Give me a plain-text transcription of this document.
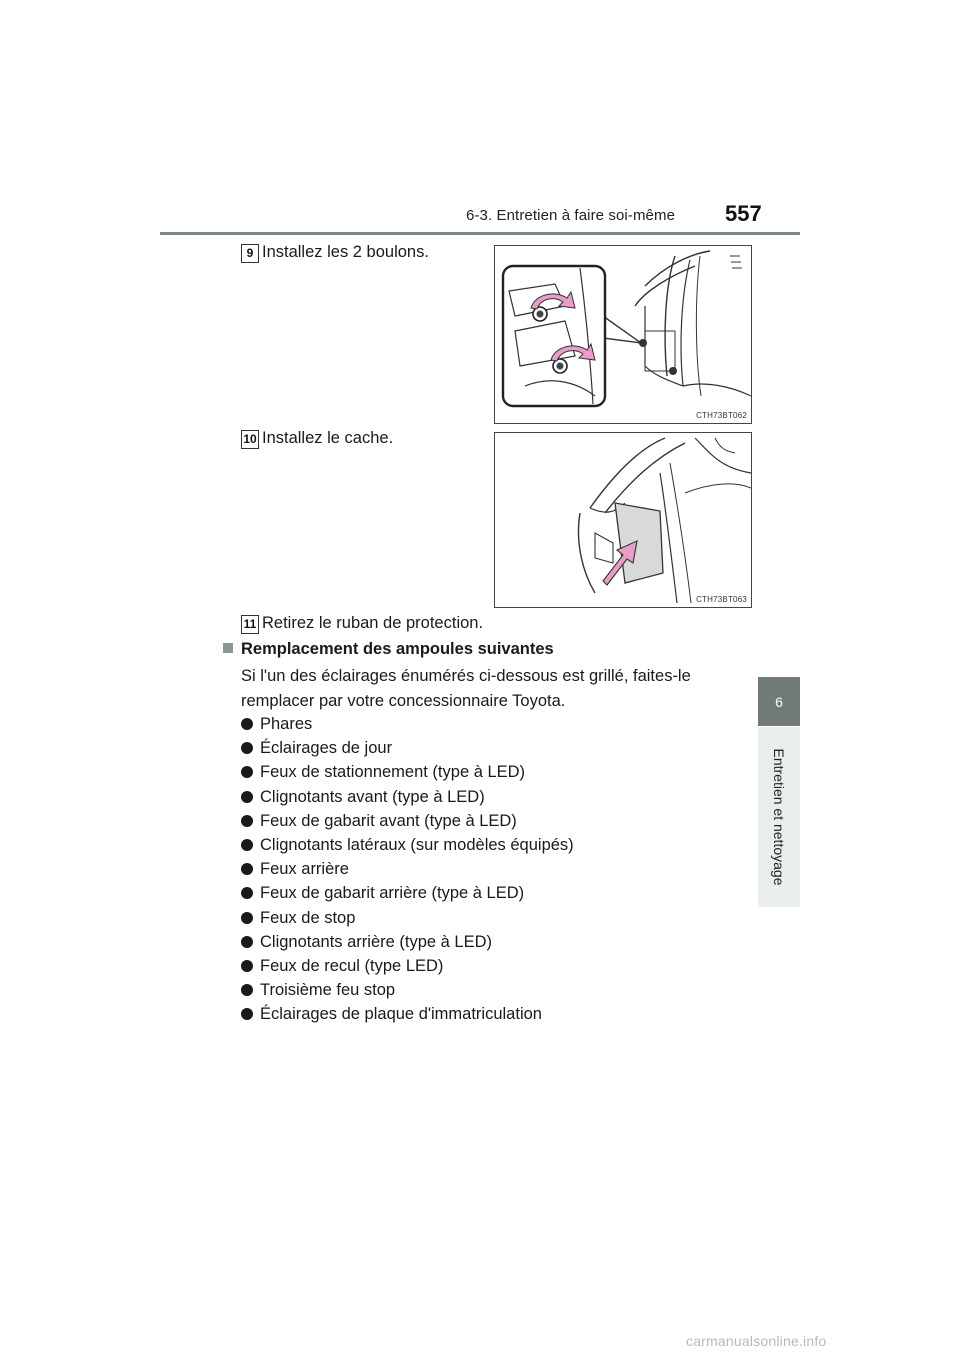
6-3. Entretien à faire soi-même 557
6
Entretien et nettoyage
9 Installez les 2 boulons.
CTH73BT062
10 Installez le cache.
CTH73BT063
11 Retirez le ruban de protection.
Remplacement des ampoules suivantes
Si l'un des éclairages énumérés ci-dessous est grillé, faites-le remplacer par votre concessionnaire Toyota.
Phares
Éclairages de jour
Feux de stationnement (type à LED)
Clignotants avant (type à LED)
Feux de gabarit avant (type à LED)
Clignotants latéraux (sur modèles équipés)
Feux arrière
Feux de gabarit arrière (type à LED)
Feux de stop
Clignotants arrière (type à LED)
Feux de recul (type LED)
Troisième feu stop
Éclairages de plaque d'immatriculation
carmanualsonline.info
